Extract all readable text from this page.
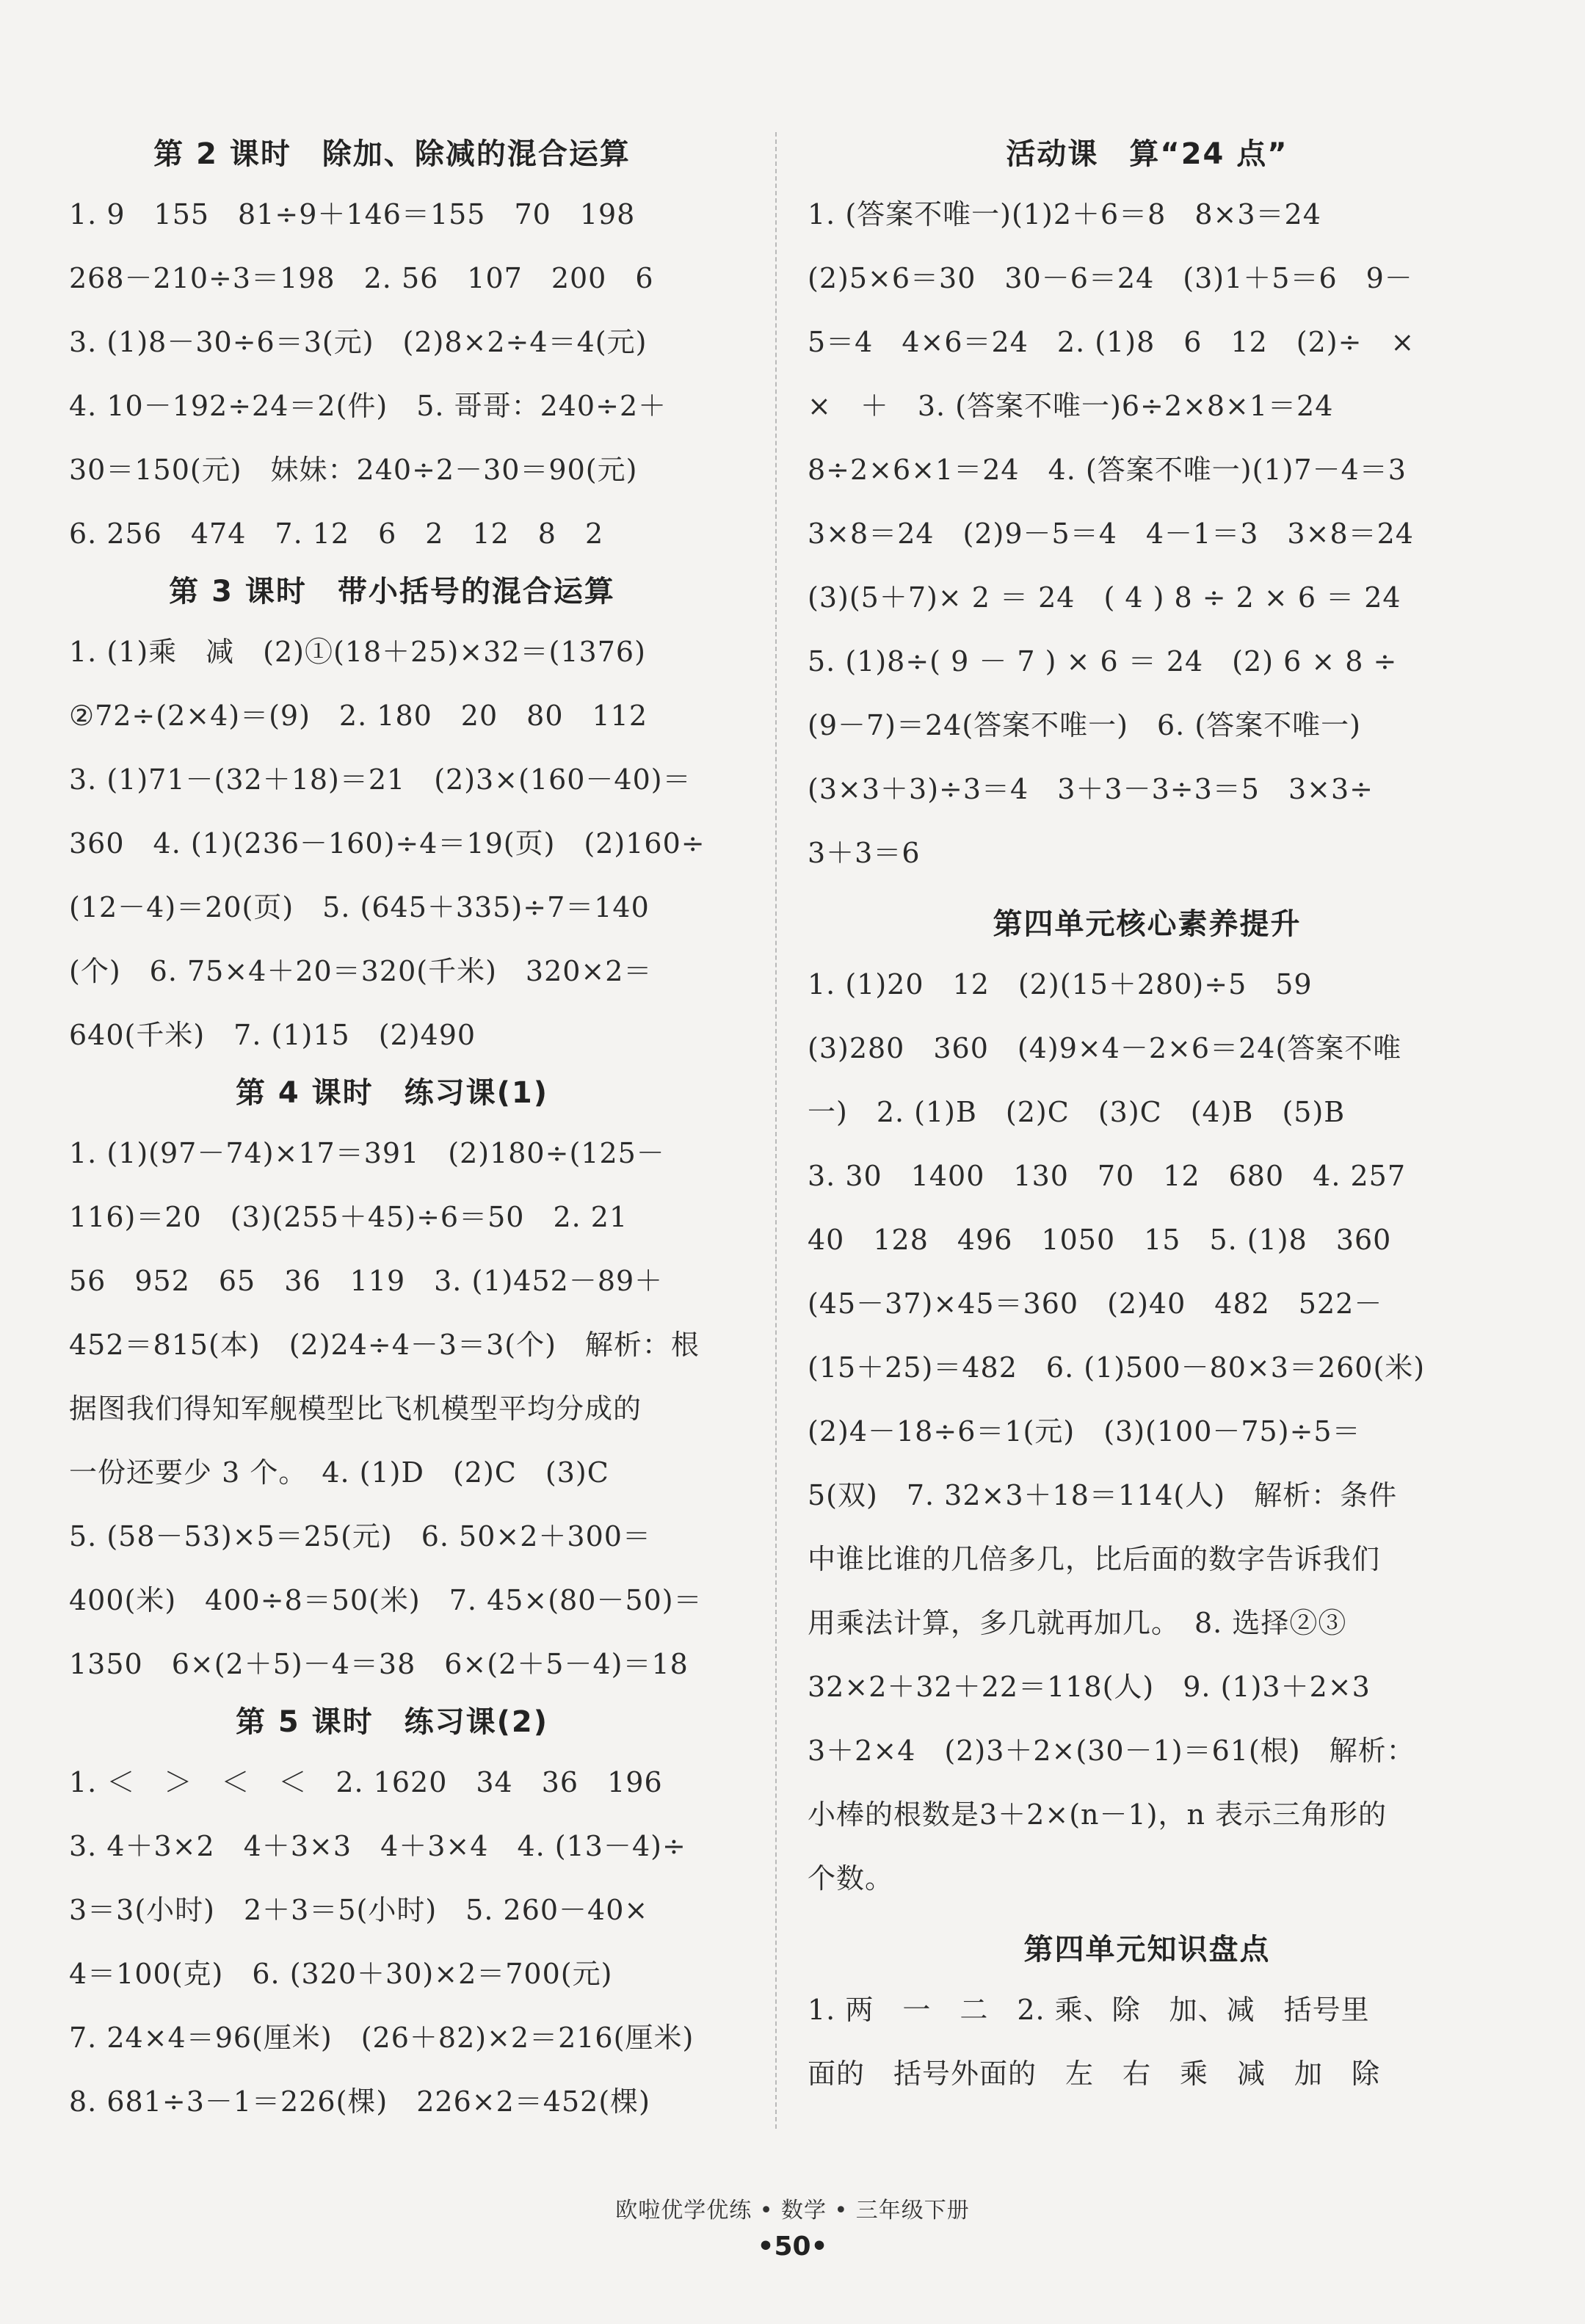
第 2 课时　除加、除减的混合运算
1. 9　155　81÷9＋146＝155　70　198
268－210÷3＝198　2. 56　107　200　6
3. (1)8－30÷6＝3(元)　(2)8×2÷4＝4(元)
4. 10－192÷24＝2(件)　5. 哥哥：240÷2＋
30＝150(元)　妹妹：240÷2－30＝90(元)
6. 256　474　7. 12　6　2　12　8　2
第 3 课时　带小括号的混合运算
1. (1)乘　减　(2)①(18＋25)×32＝(1376)
②72÷(2×4)＝(9)　2. 180　20　80　112
3. (1)71－(32＋18)＝21　(2)3×(160－40)＝
360　4. (1)(236－160)÷4＝19(页)　(2)160÷
(12－4)＝20(页)　5. (645＋335)÷7＝140
(个)　6. 75×4＋20＝320(千米)　320×2＝
640(千米)　7. (1)15　(2)490
第 4 课时　练习课(1)
1. (1)(97－74)×17＝391　(2)180÷(125－
116)＝20　(3)(255＋45)÷6＝50　2. 21
56　952　65　36　119　3. (1)452－89＋
452＝815(本)　(2)24÷4－3＝3(个)　解析：根
据图我们得知军舰模型比飞机模型平均分成的
一份还要少 3 个。　4. (1)D　(2)C　(3)C
5. (58－53)×5＝25(元)　6. 50×2＋300＝
400(米)　400÷8＝50(米)　7. 45×(80－50)＝
1350　6×(2＋5)－4＝38　6×(2＋5－4)＝18
第 5 课时　练习课(2)
1. ＜　＞　＜　＜　2. 1620　34　36　196
3. 4＋3×2　4＋3×3　4＋3×4　4. (13－4)÷
3＝3(小时)　2＋3＝5(小时)　5. 260－40×
4＝100(克)　6. (320＋30)×2＝700(元)
7. 24×4＝96(厘米)　(26＋82)×2＝216(厘米)
8. 681÷3－1＝226(棵)　226×2＝452(棵)
活动课　算“24 点”
1. (答案不唯一)(1)2＋6＝8　8×3＝24
(2)5×6＝30　30－6＝24　(3)1＋5＝6　9－
5＝4　4×6＝24　2. (1)8　6　12　(2)÷　×
×　＋　3. (答案不唯一)6÷2×8×1＝24
8÷2×6×1＝24　4. (答案不唯一)(1)7－4＝3
3×8＝24　(2)9－5＝4　4－1＝3　3×8＝24
(3)(5＋7)× 2 ＝ 24　( 4 ) 8 ÷ 2 × 6 ＝ 24
5. (1)8÷( 9 － 7 ) × 6 ＝ 24　(2) 6 × 8 ÷
(9－7)＝24(答案不唯一)　6. (答案不唯一)
(3×3＋3)÷3＝4　3＋3－3÷3＝5　3×3÷
3＋3＝6
第四单元核心素养提升
1. (1)20　12　(2)(15＋280)÷5　59
(3)280　360　(4)9×4－2×6＝24(答案不唯
一)　2. (1)B　(2)C　(3)C　(4)B　(5)B
3. 30　1400　130　70　12　680　4. 257
40　128　496　1050　15　5. (1)8　360
(45－37)×45＝360　(2)40　482　522－
(15＋25)＝482　6. (1)500－80×3＝260(米)
(2)4－18÷6＝1(元)　(3)(100－75)÷5＝
5(双)　7. 32×3＋18＝114(人)　解析：条件
中谁比谁的几倍多几，比后面的数字告诉我们
用乘法计算，多几就再加几。　8. 选择②③
32×2＋32＋22＝118(人)　9. (1)3＋2×3
3＋2×4　(2)3＋2×(30－1)＝61(根)　解析：
小棒的根数是3＋2×(n－1)，n 表示三角形的
个数。
第四单元知识盘点
1. 两　一　二　2. 乘、除　加、减　括号里
面的　括号外面的　左　右　乘　减　加　除
欧啦优学优练 • 数学 • 三年级下册
•50•
